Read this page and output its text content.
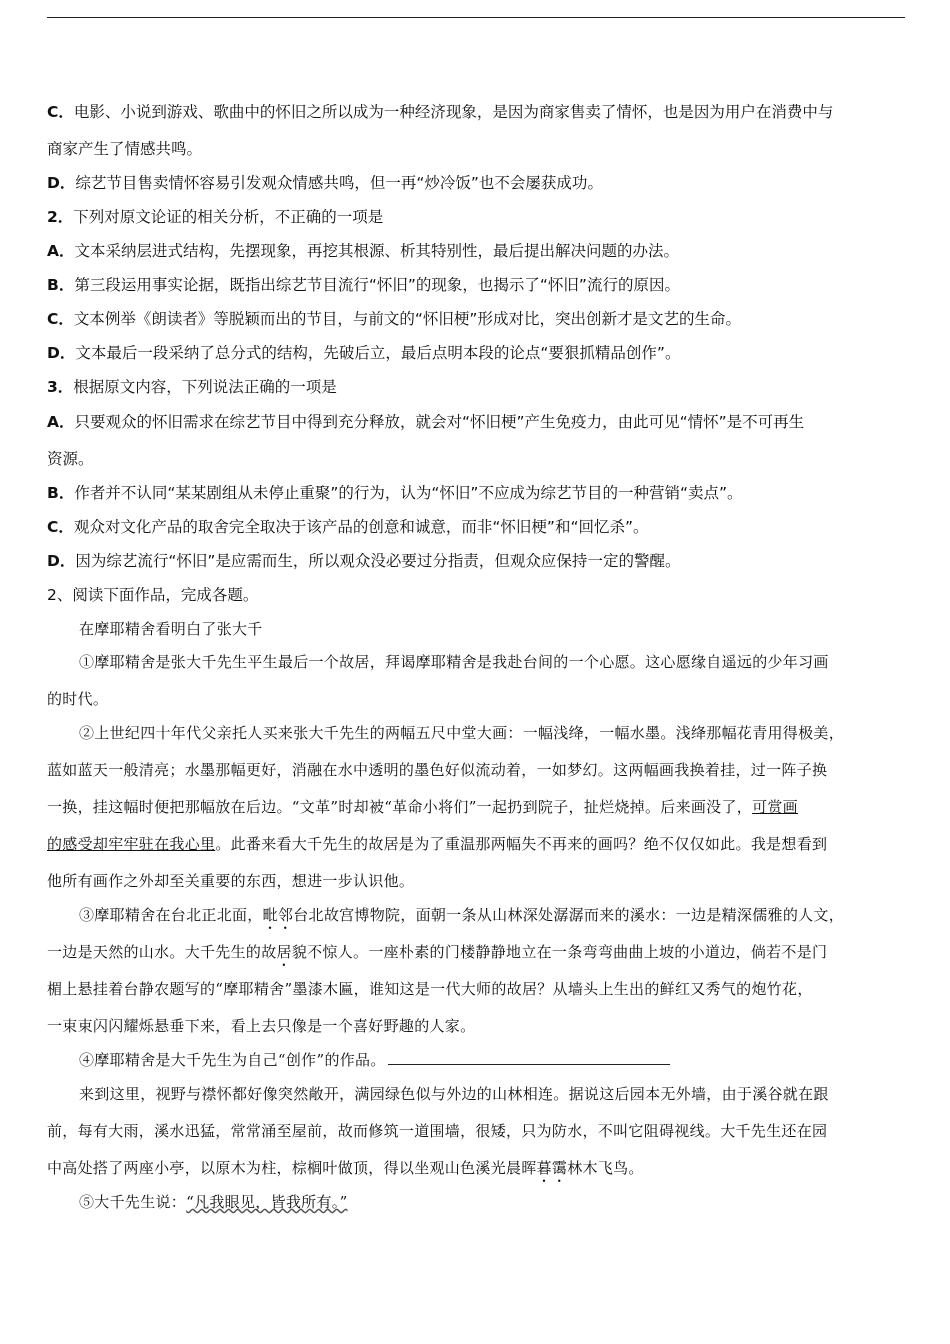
C．电影、小说到游戏、歌曲中的怀旧之所以成为一种经济现象，是因为商家售卖了情怀，也是因为用户在消费中与
商家产生了情感共鸣。
D．综艺节目售卖情怀容易引发观众情感共鸣，但一再“炒冷饭”也不会屡获成功。
2．下列对原文论证的相关分析，不正确的一项是
A．文本采纳层进式结构，先摆现象，再挖其根源、析其特别性，最后提出解决问题的办法。
B．第三段运用事实论据，既指出综艺节目流行“怀旧”的现象，也揭示了“怀旧”流行的原因。
C．文本例举《朗读者》等脱颖而出的节目，与前文的“怀旧梗”形成对比，突出创新才是文艺的生命。
D．文本最后一段采纳了总分式的结构，先破后立，最后点明本段的论点“要狠抓精品创作”。
3．根据原文内容，下列说法正确的一项是
A．只要观众的怀旧需求在综艺节目中得到充分释放，就会对“怀旧梗”产生免疫力，由此可见“情怀”是不可再生
资源。
B．作者并不认同“某某剧组从未停止重聚”的行为，认为“怀旧”不应成为综艺节目的一种营销“卖点”。
C．观众对文化产品的取舍完全取决于该产品的创意和诚意，而非“怀旧梗”和“回忆杀”。
D．因为综艺流行“怀旧”是应需而生，所以观众没必要过分指责，但观众应保持一定的警醒。
2、阅读下面作品，完成各题。
在摩耶精舍看明白了张大千
①摩耶精舍是张大千先生平生最后一个故居，拜谒摩耶精舍是我赴台间的一个心愿。这心愿缘自遥远的少年习画
的时代。
②上世纪四十年代父亲托人买来张大千先生的两幅五尺中堂大画：一幅浅绛，一幅水墨。浅绛那幅花青用得极美，
蓝如蓝天一般清亮；水墨那幅更好，消融在水中透明的墨色好似流动着，一如梦幻。这两幅画我换着挂，过一阵子换
一换，挂这幅时便把那幅放在后边。“文革”时却被“革命小将们”一起扔到院子，扯烂烧掉。后来画没了，可赏画
的感受却牢牢驻在我心里。此番来看大千先生的故居是为了重温那两幅失不再来的画吗？绝不仅仅如此。我是想看到
他所有画作之外却至关重要的东西，想进一步认识他。
③摩耶精舍在台北正北面，毗邻台北故宫博物院，面朝一条从山林深处潺潺而来的溪水：一边是精深儒雅的人文，
一边是天然的山水。大千先生的故居貌不惊人。一座朴素的门楼静静地立在一条弯弯曲曲上坡的小道边，倘若不是门
楣上悬挂着台静农题写的“摩耶精舍”墨漆木匾，谁知这是一代大师的故居？从墙头上生出的鲜红又秀气的炮竹花，
一束束闪闪耀烁悬垂下来，看上去只像是一个喜好野趣的人家。
④摩耶精舍是大千先生为自己“创作”的作品。
来到这里，视野与襟怀都好像突然敞开，满园绿色似与外边的山林相连。据说这后园本无外墙，由于溪谷就在跟
前，每有大雨，溪水迅猛，常常涌至屋前，故而修筑一道围墙，很矮，只为防水，不叫它阻碍视线。大千先生还在园
中高处搭了两座小亭，以原木为柱，棕榈叶做顶，得以坐观山色溪光晨晖暮霭林木飞鸟。
⑤大千先生说：“凡我眼见，皆我所有。”
